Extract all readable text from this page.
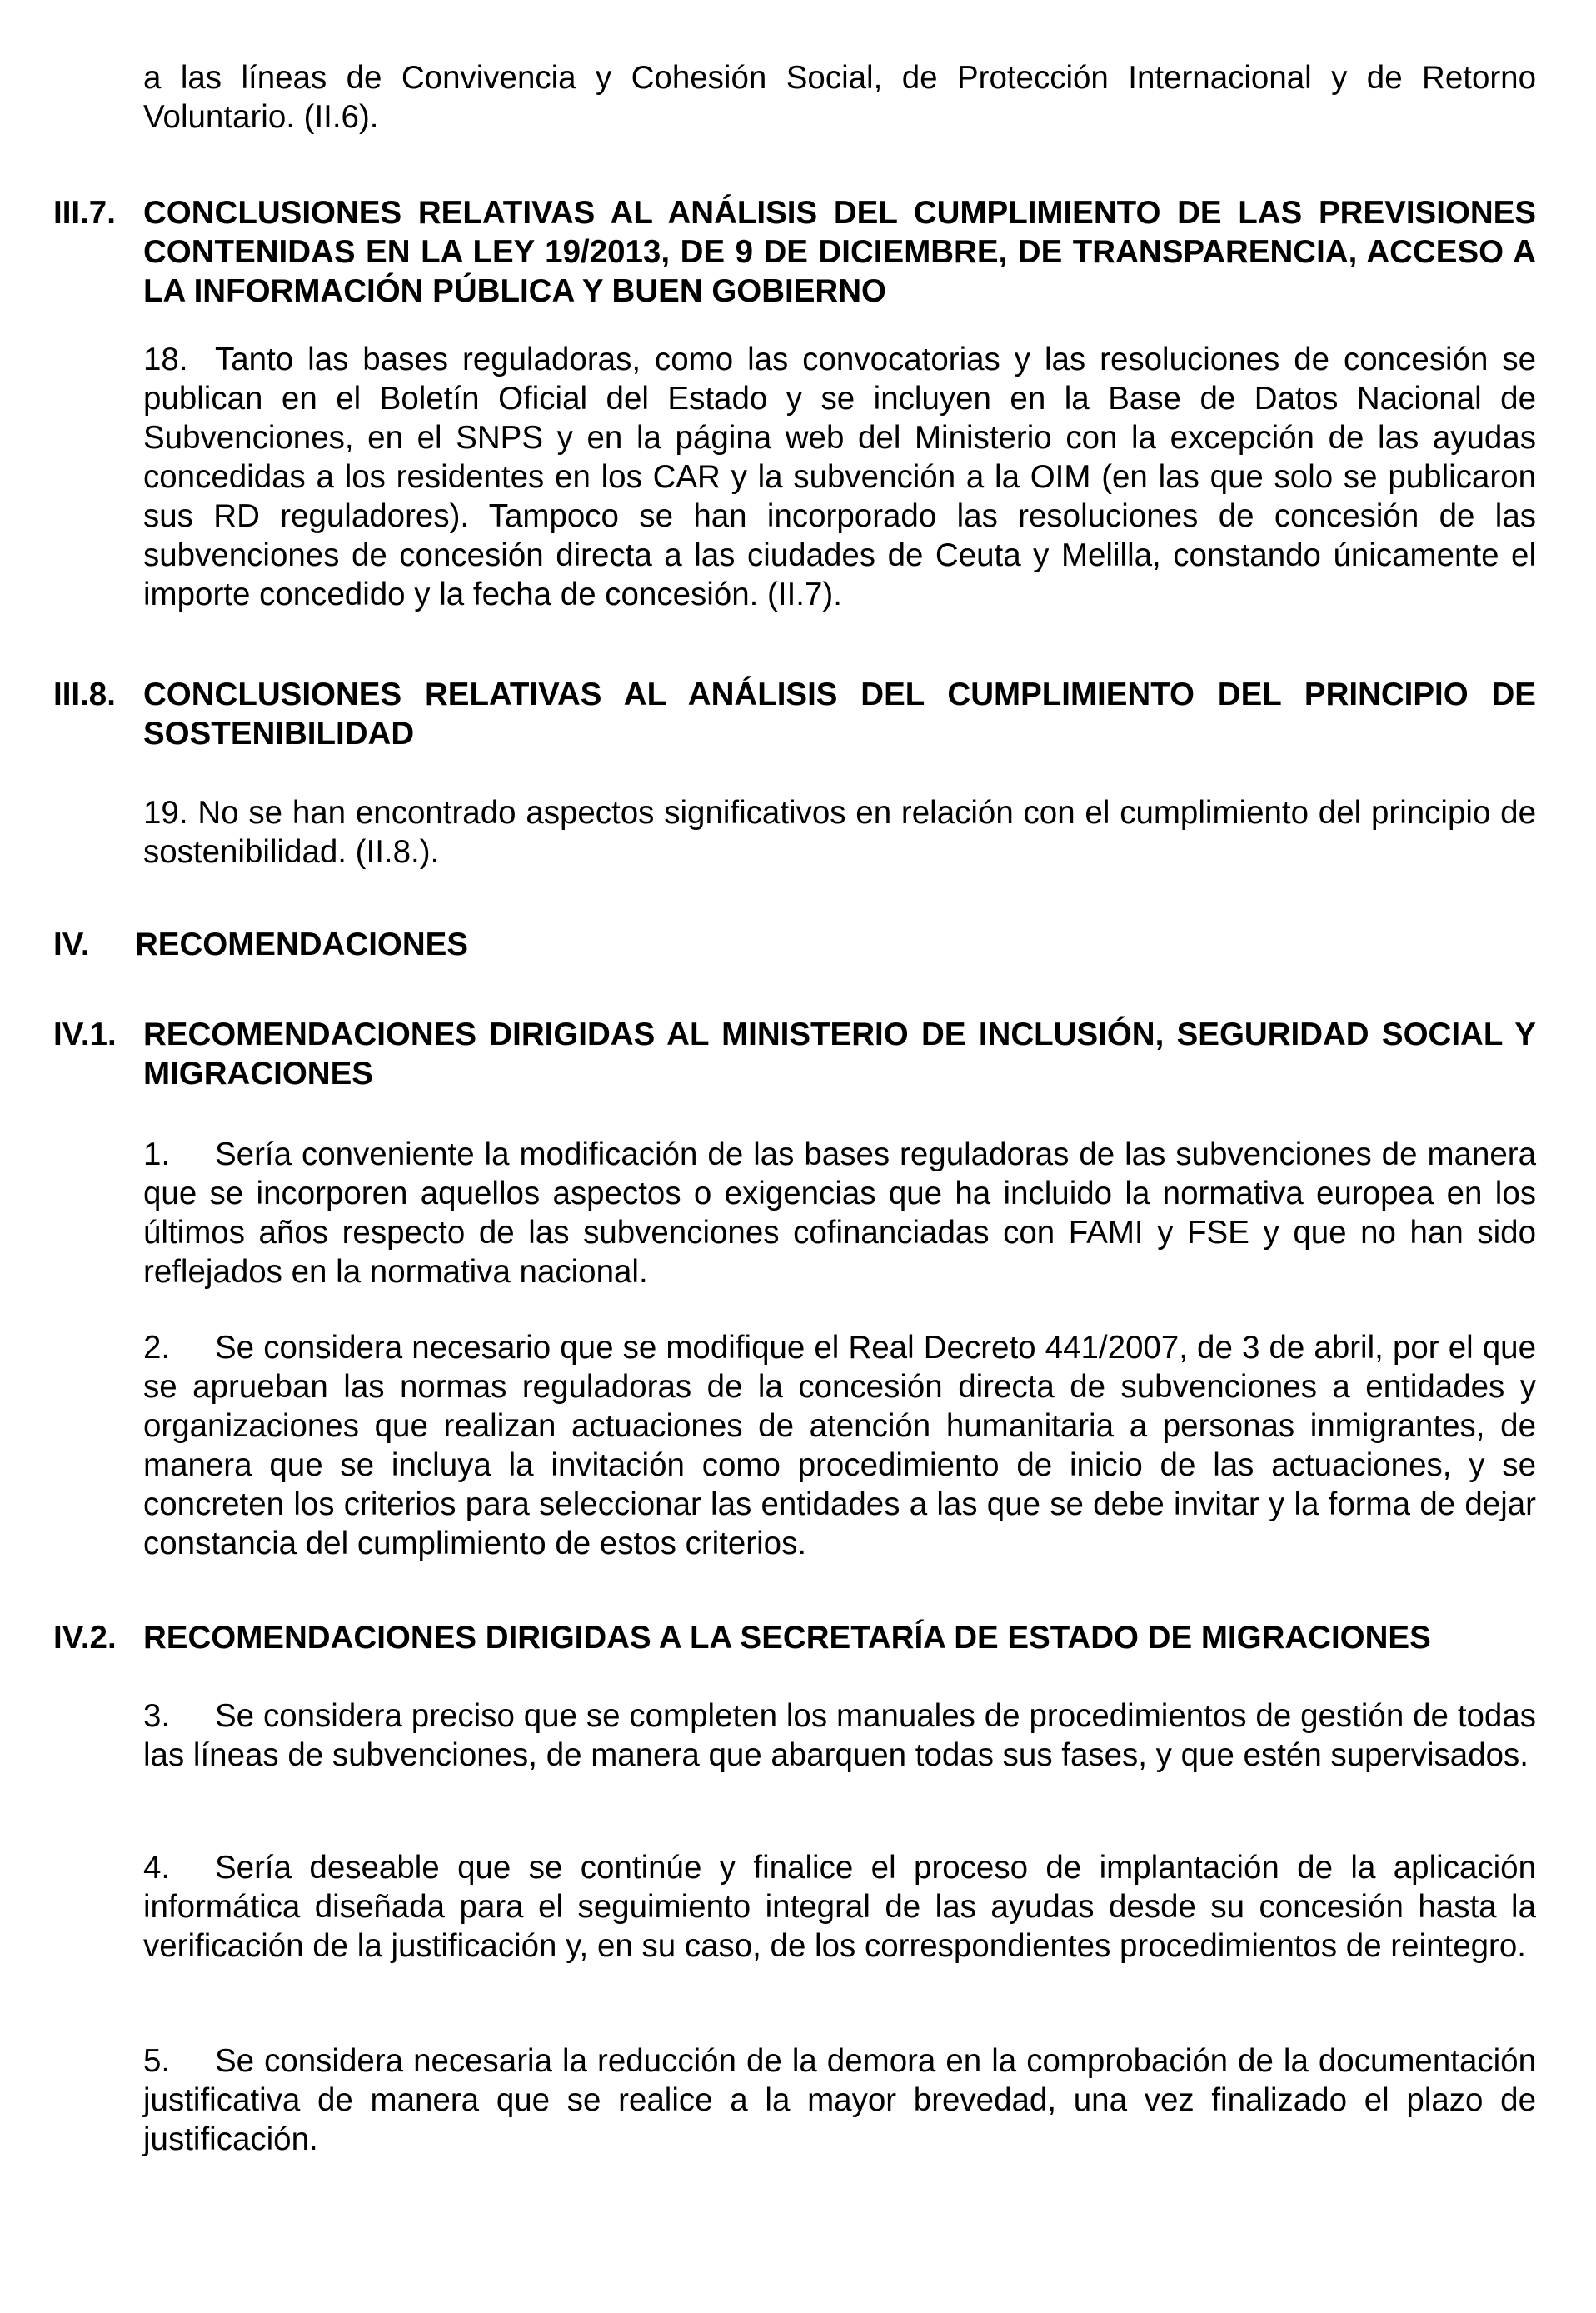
a las líneas de Convivencia y Cohesión Social, de Protección Internacional y de Retorno Voluntario. (II.6).

III.7. CONCLUSIONES RELATIVAS AL ANÁLISIS DEL CUMPLIMIENTO DE LAS PREVISIONES CONTENIDAS EN LA LEY 19/2013, DE 9 DE DICIEMBRE, DE TRANSPARENCIA, ACCESO A LA INFORMACIÓN PÚBLICA Y BUEN GOBIERNO

18. Tanto las bases reguladoras, como las convocatorias y las resoluciones de concesión se publican en el Boletín Oficial del Estado y se incluyen en la Base de Datos Nacional de Subvenciones, en el SNPS y en la página web del Ministerio con la excepción de las ayudas concedidas a los residentes en los CAR y la subvención a la OIM (en las que solo se publicaron sus RD reguladores). Tampoco se han incorporado las resoluciones de concesión de las subvenciones de concesión directa a las ciudades de Ceuta y Melilla, constando únicamente el importe concedido y la fecha de concesión. (II.7).

III.8. CONCLUSIONES RELATIVAS AL ANÁLISIS DEL CUMPLIMIENTO DEL PRINCIPIO DE SOSTENIBILIDAD

19. No se han encontrado aspectos significativos en relación con el cumplimiento del principio de sostenibilidad. (II.8.).

IV. RECOMENDACIONES

IV.1. RECOMENDACIONES DIRIGIDAS AL MINISTERIO DE INCLUSIÓN, SEGURIDAD SOCIAL Y MIGRACIONES

1. Sería conveniente la modificación de las bases reguladoras de las subvenciones de manera que se incorporen aquellos aspectos o exigencias que ha incluido la normativa europea en los últimos años respecto de las subvenciones cofinanciadas con FAMI y FSE y que no han sido reflejados en la normativa nacional.

2. Se considera necesario que se modifique el Real Decreto 441/2007, de 3 de abril, por el que se aprueban las normas reguladoras de la concesión directa de subvenciones a entidades y organizaciones que realizan actuaciones de atención humanitaria a personas inmigrantes, de manera que se incluya la invitación como procedimiento de inicio de las actuaciones, y se concreten los criterios para seleccionar las entidades a las que se debe invitar y la forma de dejar constancia del cumplimiento de estos criterios.

IV.2. RECOMENDACIONES DIRIGIDAS A LA SECRETARÍA DE ESTADO DE MIGRACIONES

3. Se considera preciso que se completen los manuales de procedimientos de gestión de todas las líneas de subvenciones, de manera que abarquen todas sus fases, y que estén supervisados.

4. Sería deseable que se continúe y finalice el proceso de implantación de la aplicación informática diseñada para el seguimiento integral de las ayudas desde su concesión hasta la verificación de la justificación y, en su caso, de los correspondientes procedimientos de reintegro.

5. Se considera necesaria la reducción de la demora en la comprobación de la documentación justificativa de manera que se realice a la mayor brevedad, una vez finalizado el plazo de justificación.
